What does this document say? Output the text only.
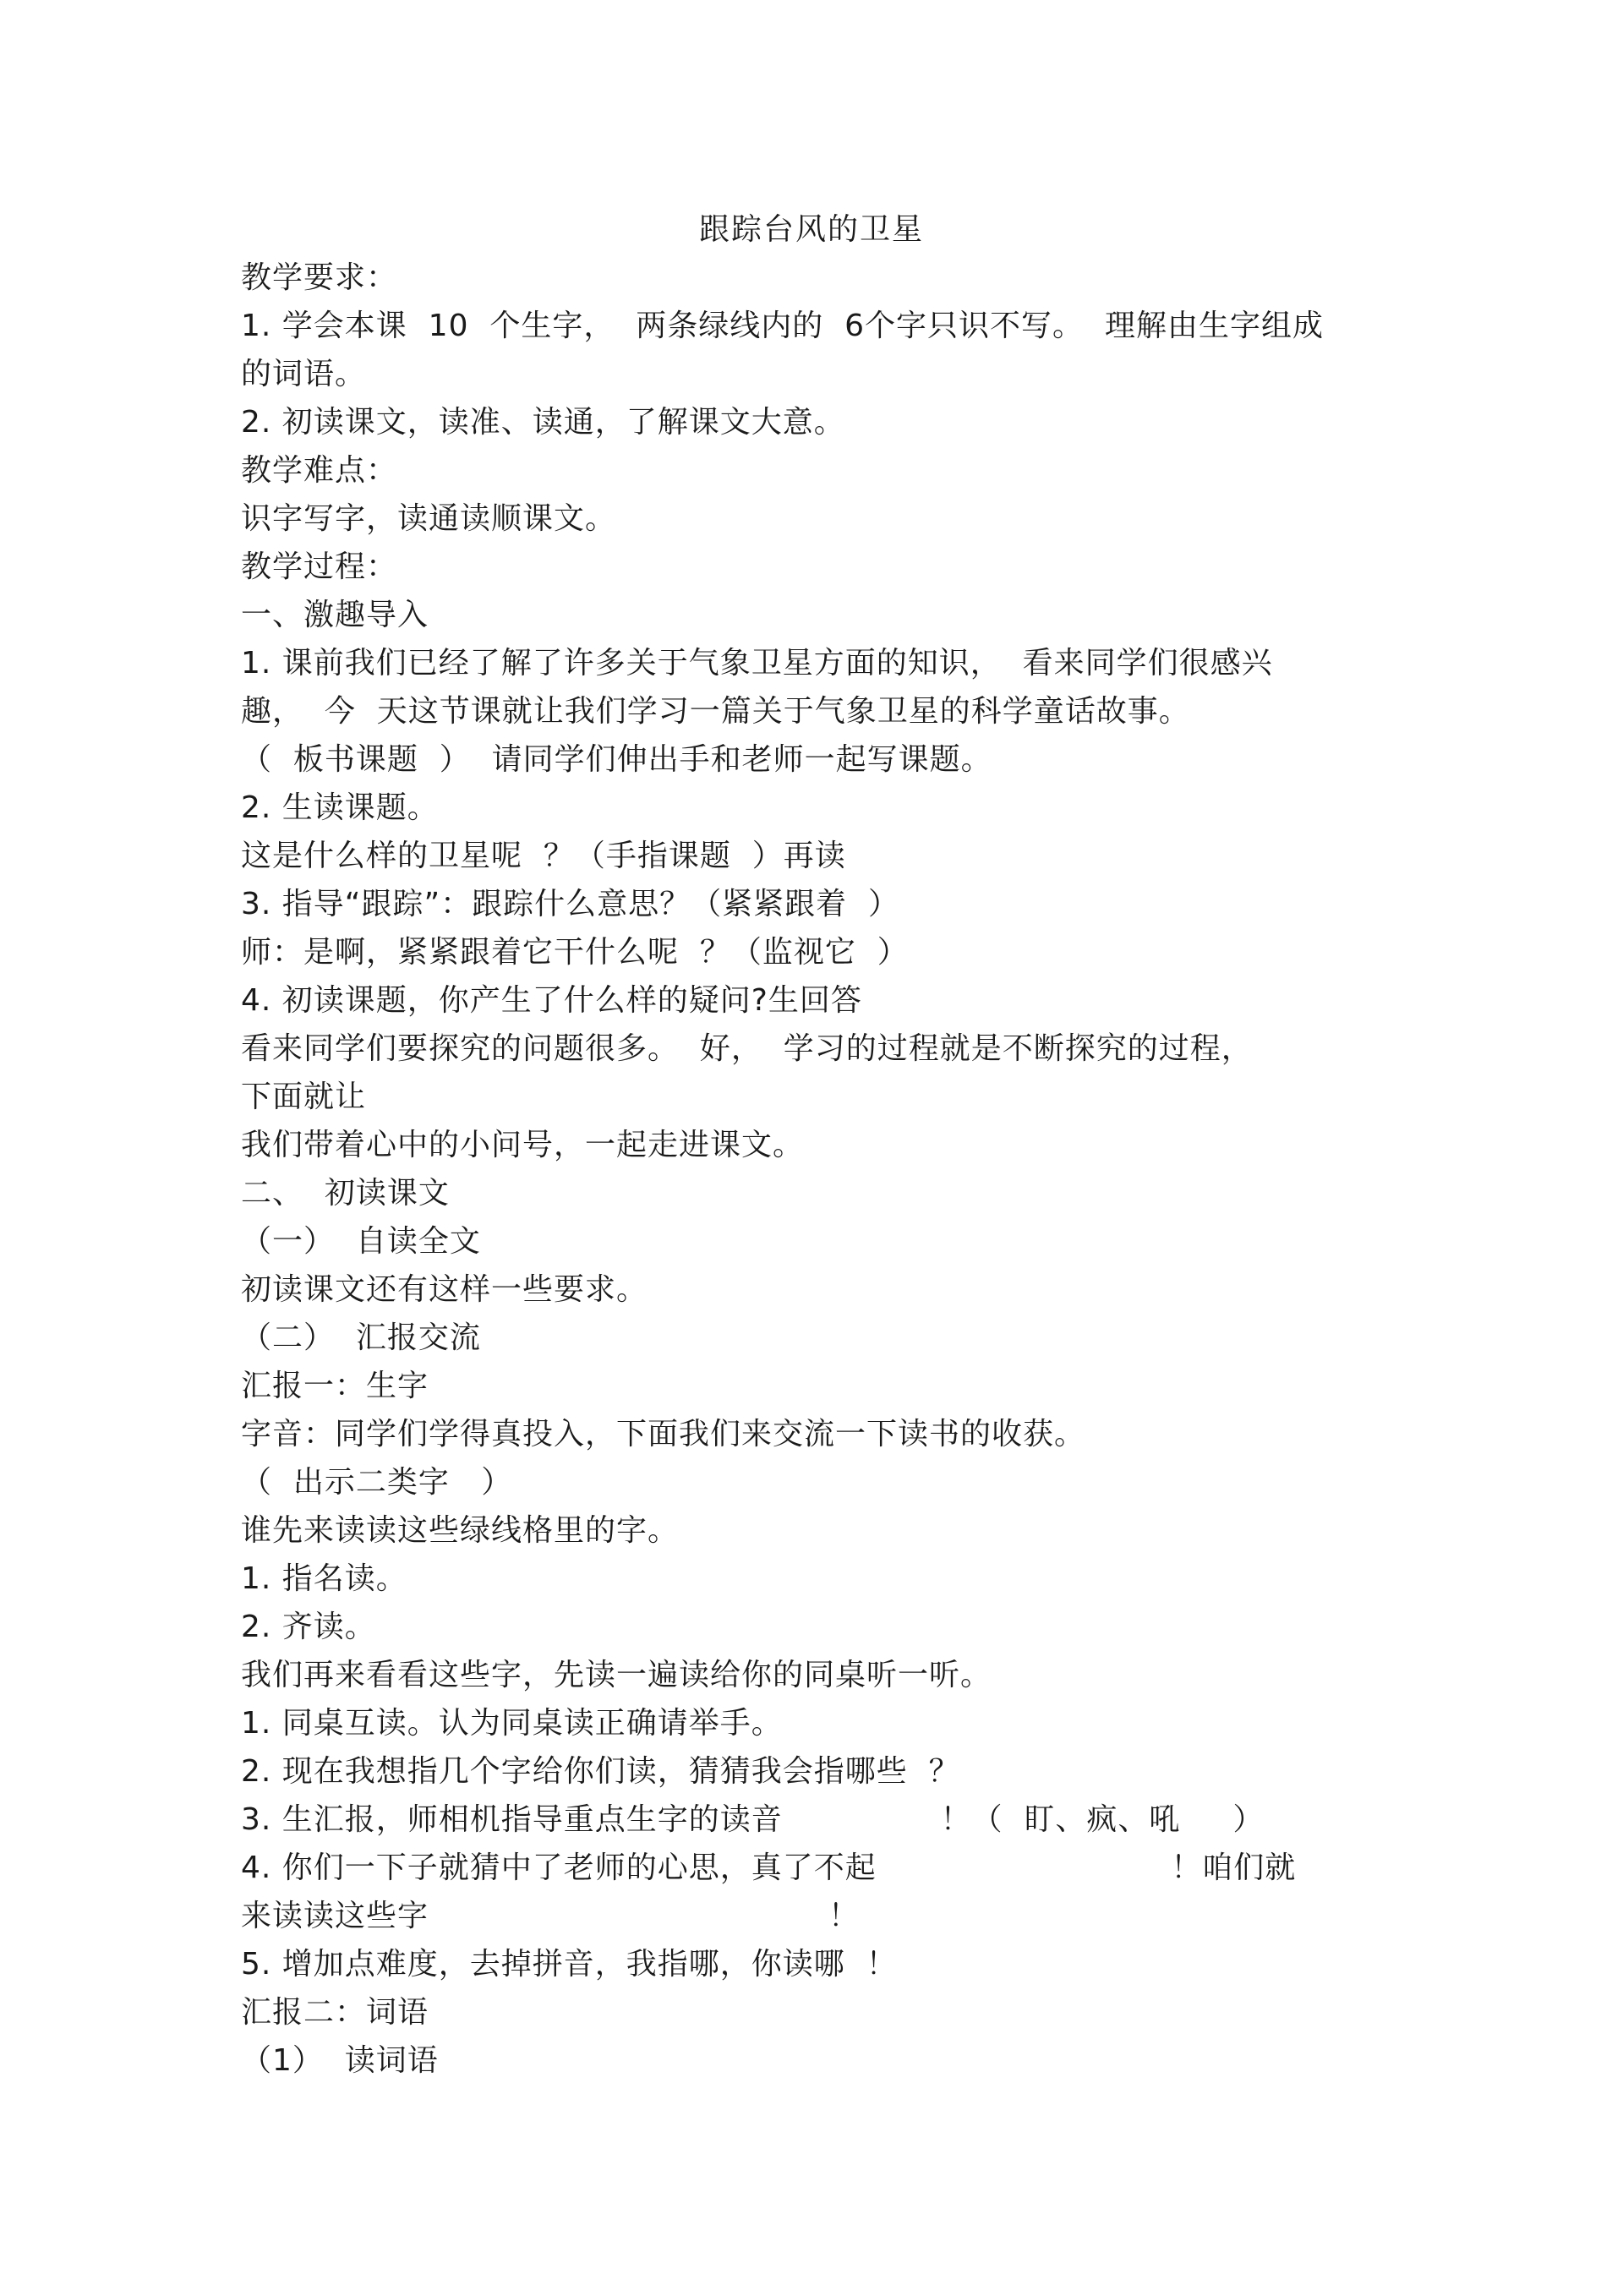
跟踪台风的卫星
教学要求：
1. 学会本课  10  个生字，  两条绿线内的  6个字只识不写。  理解由生字组成
的词语。
2. 初读课文，读准、读通，了解课文大意。
教学难点：
识字写字，读通读顺课文。
教学过程：
一、激趣导入
1. 课前我们已经了解了许多关于气象卫星方面的知识，  看来同学们很感兴
趣，  今  天这节课就让我们学习一篇关于气象卫星的科学童话故事。
（  板书课题  ）  请同学们伸出手和老师一起写课题。
2. 生读课题。
这是什么样的卫星呢  ？（手指课题  ）再读
3. 指导“跟踪”：跟踪什么意思？（紧紧跟着  ）
师：是啊，紧紧跟着它干什么呢  ？（监视它  ）
4. 初读课题，你产生了什么样的疑问?生回答
看来同学们要探究的问题很多。  好，  学习的过程就是不断探究的过程，
下面就让
我们带着心中的小问号，一起走进课文。
二、  初读课文
（一）  自读全文
初读课文还有这样一些要求。
（二）  汇报交流
汇报一：生字
字音：同学们学得真投入，下面我们来交流一下读书的收获。
（  出示二类字   ）
谁先来读读这些绿线格里的字。
1. 指名读。
2. 齐读。
我们再来看看这些字，先读一遍读给你的同桌听一听。
1. 同桌互读。认为同桌读正确请举手。
2. 现在我想指几个字给你们读，猜猜我会指哪些  ？
3. 生汇报，师相机指导重点生字的读音               ！（  盯、疯、吼     ）
4. 你们一下子就猜中了老师的心思，真了不起                            ！咱们就
来读读这些字                                      ！
5. 增加点难度，去掉拼音，我指哪，你读哪  ！
汇报二：词语
（1）  读词语
